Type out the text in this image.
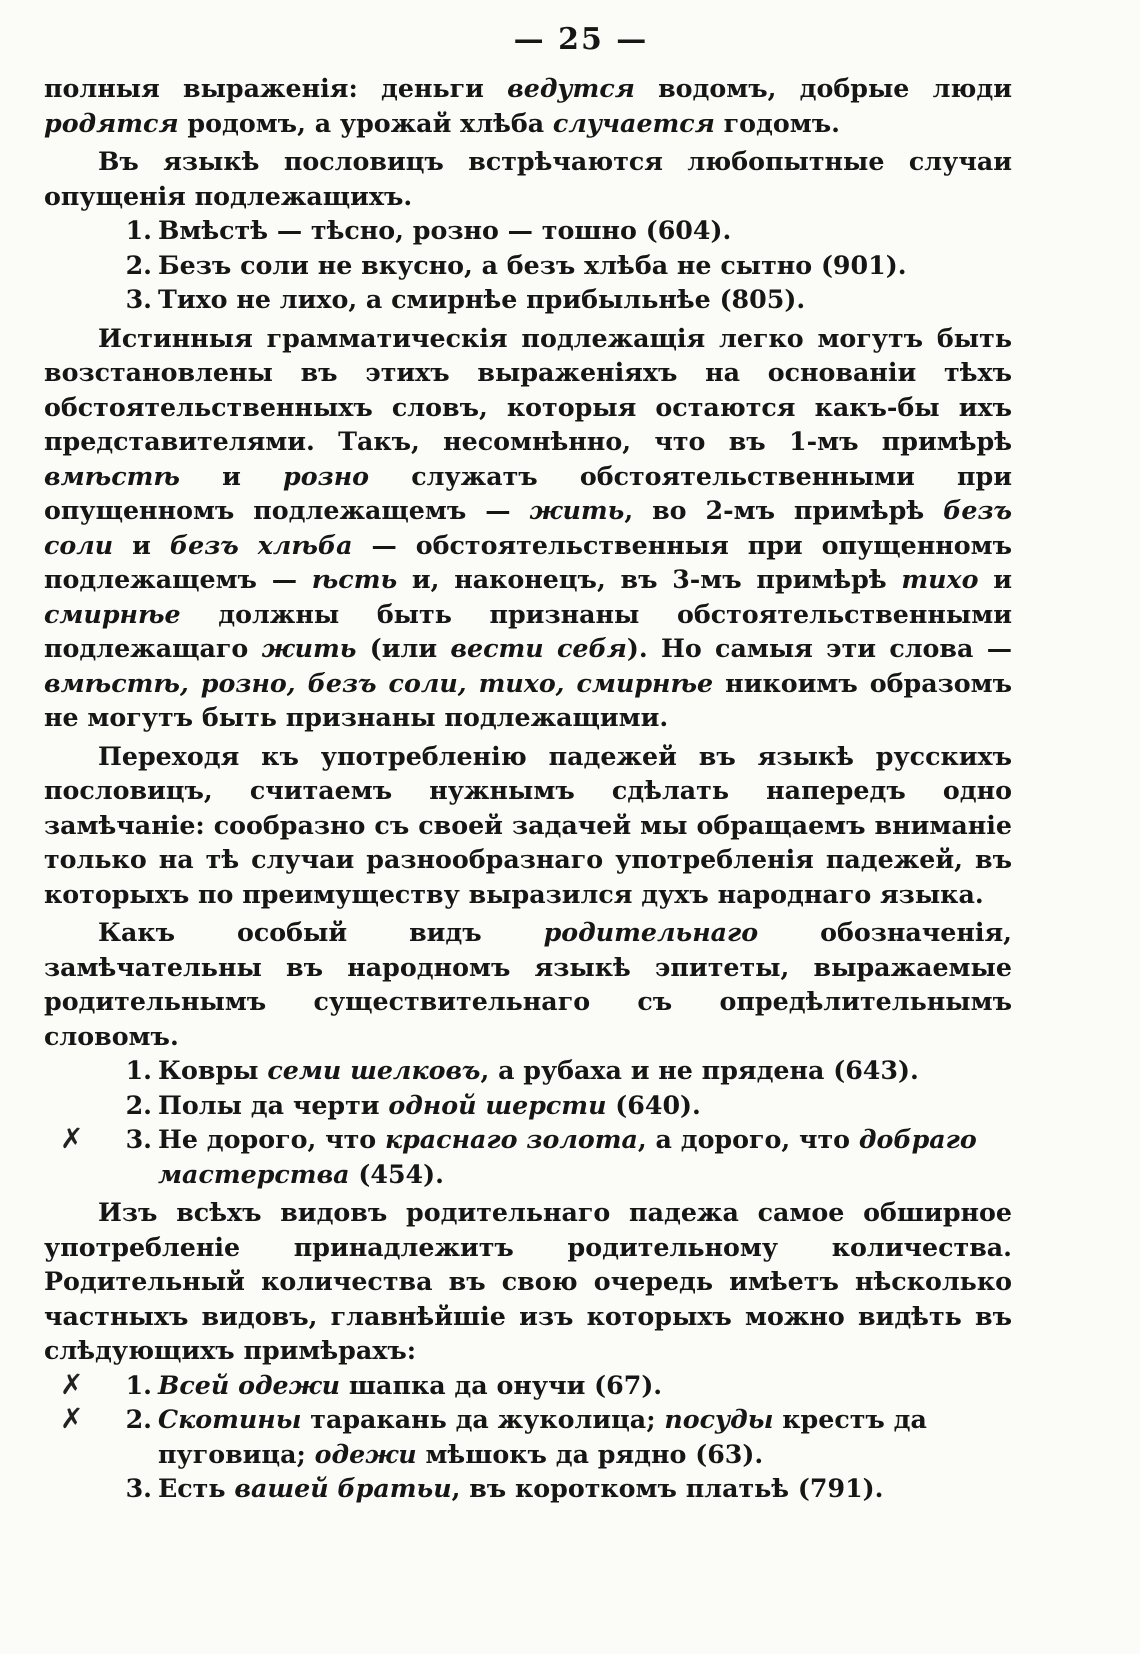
— 25 —

полныя выраженія: деньги ведутся водомъ, добрые люди родятся родомъ, а урожай хлѣба случается годомъ.

Въ языкѣ пословицъ встрѣчаются любопытные случаи опущенія подлежащихъ.

1. Вмѣстѣ — тѣсно, розно — тошно (604).
2. Безъ соли не вкусно, а безъ хлѣба не сытно (901).
3. Тихо не лихо, а смирнѣе прибыльнѣе (805).

Истинныя грамматическія подлежащія легко могутъ быть возстановлены въ этихъ выраженіяхъ на основаніи тѣхъ обстоятельственныхъ словъ, которыя остаются какъ-бы ихъ представителями. Такъ, несомнѣнно, что въ 1-мъ примѣрѣ вмѣстѣ и розно служатъ обстоятельственными при опущенномъ подлежащемъ — жить, во 2-мъ примѣрѣ безъ соли и безъ хлѣба — обстоятельственныя при опущенномъ подлежащемъ — ѣсть и, наконецъ, въ 3-мъ примѣрѣ тихо и смирнѣе должны быть признаны обстоятельственными подлежащаго жить (или вести себя). Но самыя эти слова — вмѣстѣ, розно, безъ соли, тихо, смирнѣе никоимъ образомъ не могутъ быть признаны подлежащими.

Переходя къ употребленію падежей въ языкѣ русскихъ пословицъ, считаемъ нужнымъ сдѣлать напередъ одно замѣчаніе: сообразно съ своей задачей мы обращаемъ вниманіе только на тѣ случаи разнообразнаго употребленія падежей, въ которыхъ по преимуществу выразился духъ народнаго языка.

Какъ особый видъ родительнаго обозначенія, замѣчательны въ народномъ языкѣ эпитеты, выражаемые родительнымъ существительнаго съ опредѣлительнымъ словомъ.

1. Ковры семи шелковъ, а рубаха и не прядена (643).
2. Полы да черти одной шерсти (640).
✗	3. Не дорого, что краснаго золота, а дорого, что добраго мастерства (454).

Изъ всѣхъ видовъ родительнаго падежа самое обширное употребленіе принадлежитъ родительному количества. Родительный количества въ свою очередь имѣетъ нѣсколько частныхъ видовъ, главнѣйшіе изъ которыхъ можно видѣть въ слѣдующихъ примѣрахъ:

✗	1. Всей одежи шапка да онучи (67).
✗	2. Скотины таракань да жуколица; посуды крестъ да пуговица; одежи мѣшокъ да рядно (63).
3. Есть вашей братьи, въ короткомъ платьѣ (791).
